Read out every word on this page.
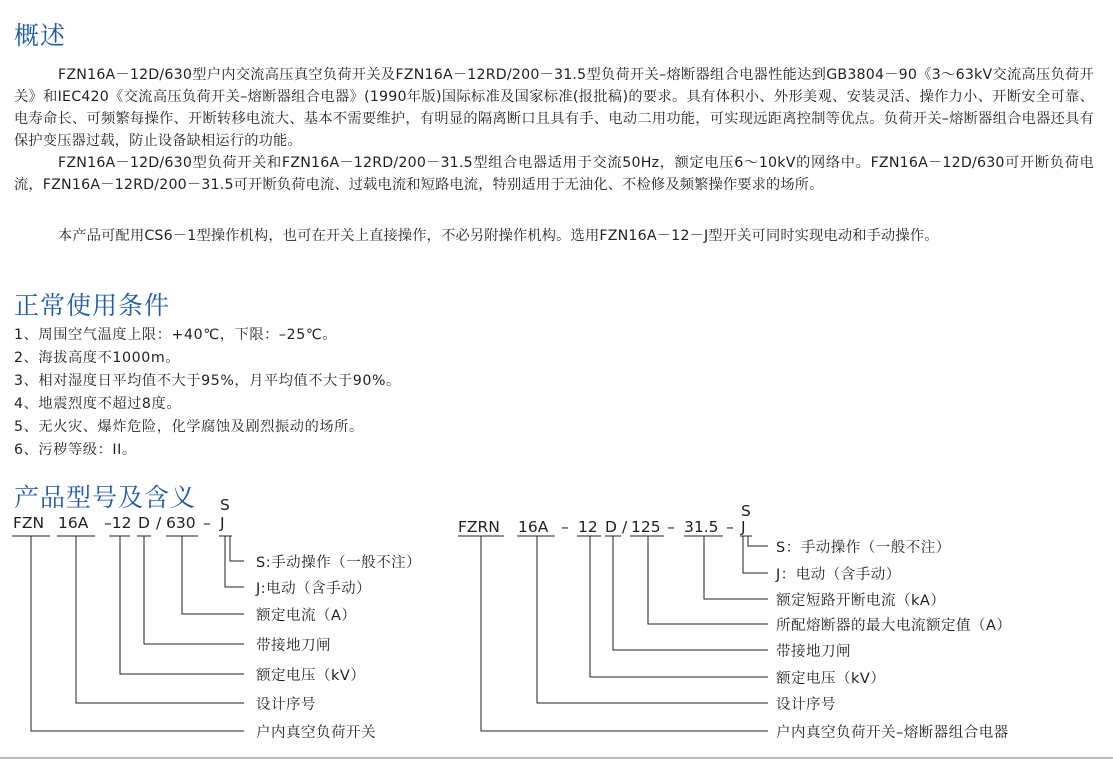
概述

FZN16A－12D/630型户内交流高压真空负荷开关及FZN16A－12RD/200－31.5型负荷开关–熔断器组合电器性能达到GB3804－90《3～63kV交流高压负荷开关》和IEC420《交流高压负荷开关–熔断器组合电器》(1990年版)国际标准及国家标准(报批稿)的要求。具有体积小、外形美观、安装灵活、操作力小、开断安全可靠、电寿命长、可频繁每操作、开断转移电流大、基本不需要维护，有明显的隔离断口且具有手、电动二用功能，可实现远距离控制等优点。负荷开关–熔断器组合电器还具有保护变压器过载，防止设备缺相运行的功能。

FZN16A－12D/630型负荷开关和FZN16A－12RD/200－31.5型组合电器适用于交流50Hz，额定电压6～10kV的网络中。FZN16A－12D/630可开断负荷电流，FZN16A－12RD/200－31.5可开断负荷电流、过载电流和短路电流，特别适用于无油化、不检修及频繁操作要求的场所。

本产品可配用CS6－1型操作机构，也可在开关上直接操作，不必另附操作机构。选用FZN16A－12－J型开关可同时实现电动和手动操作。

正常使用条件

1、周围空气温度上限：+40℃，下限：–25℃。

2、海拔高度不1000m。

3、相对湿度日平均值不大于95%，月平均值不大于90%。

4、地震烈度不超过8度。

5、无火灾、爆炸危险，化学腐蚀及剧烈振动的场所。

6、污秽等级：II。

产品型号及含义 S
FZN 16A –12 D / 630 – J
S:手动操作（一般不注）
J:电动（含手动）
额定电流（A）
带接地刀闸
额定电压（kV）
设计序号
户内真空负荷开关
S
FZRN 16A – 12 D / 125 – 31.5 – J
S：手动操作（一般不注）
J：电动（含手动）
额定短路开断电流（kA）
所配熔断器的最大电流额定值（A）
带接地刀闸
额定电压（kV）
设计序号
户内真空负荷开关–熔断器组合电器
